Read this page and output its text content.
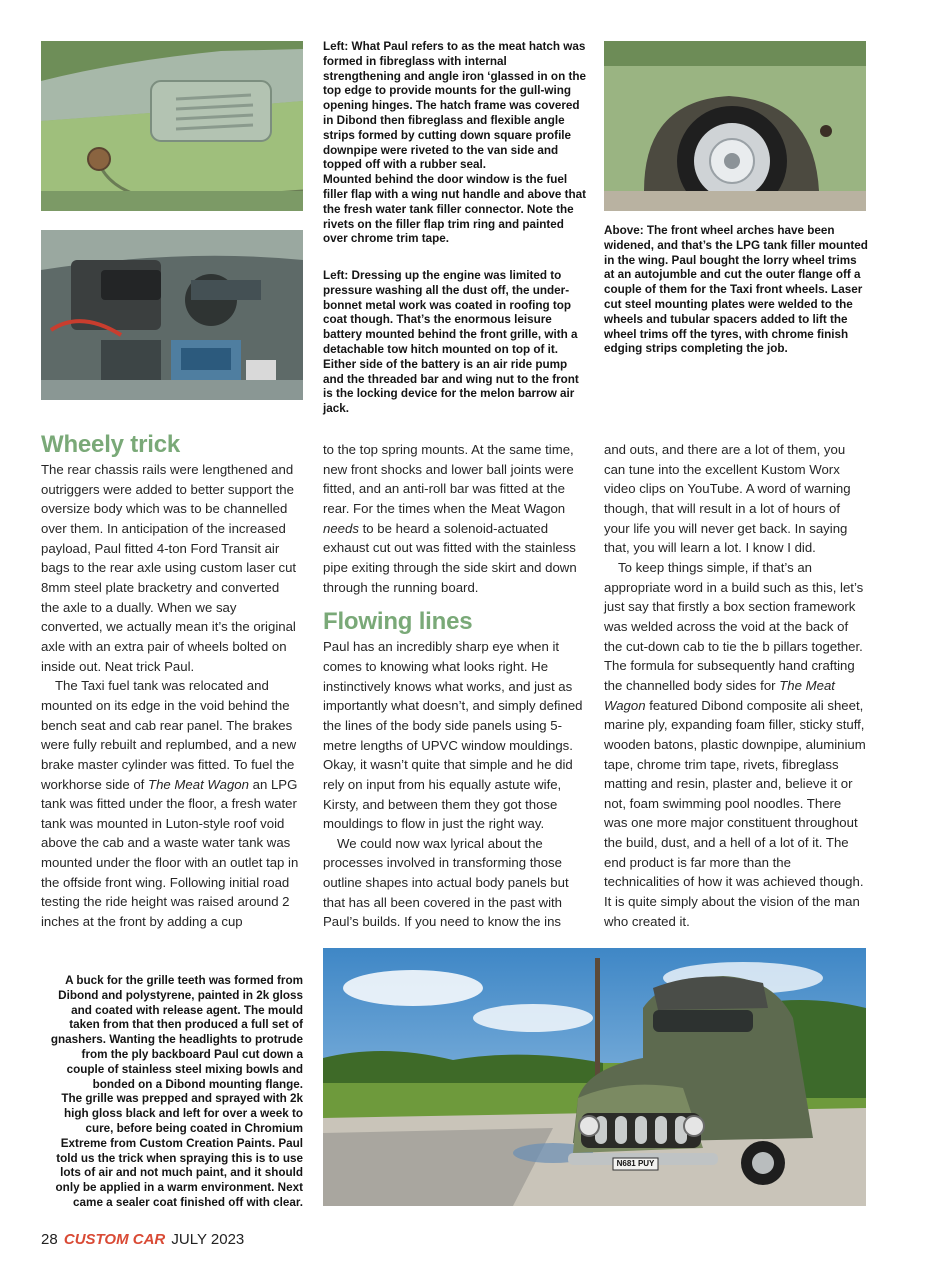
Left: What Paul refers to as the meat hatch was formed in fibreglass with internal strengthening and angle iron ‘glassed in on the top edge to provide mounts for the gull-wing opening hinges. The hatch frame was covered in Dibond then fibreglass and flexible angle strips formed by cutting down square profile downpipe were riveted to the van side and topped off with a rubber seal.

Mounted behind the door window is the fuel filler flap with a wing nut handle and above that the fresh water tank filler connector. Note the rivets on the filler flap trim ring and painted over chrome trim tape.

Left: Dressing up the engine was limited to pressure washing all the dust off, the under-bonnet metal work was coated in roofing top coat though. That’s the enormous leisure battery mounted behind the front grille, with a detachable tow hitch mounted on top of it. Either side of the battery is an air ride pump and the threaded bar and wing nut to the front is the locking device for the melon barrow air jack.

Above: The front wheel arches have been widened, and that’s the LPG tank filler mounted in the wing. Paul bought the lorry wheel trims at an autojumble and cut the outer flange off a couple of them for the Taxi front wheels. Laser cut steel mounting plates were welded to the wheels and tubular spacers added to lift the wheel trims off the tyres, with chrome finish edging strips completing the job.

Wheely trick

The rear chassis rails were lengthened and outriggers were added to better support the oversize body which was to be channelled over them. In anticipation of the increased payload, Paul fitted 4-ton Ford Transit air bags to the rear axle using custom laser cut 8mm steel plate bracketry and converted the axle to a dually. When we say converted, we actually mean it’s the original axle with an extra pair of wheels bolted on inside out. Neat trick Paul.

The Taxi fuel tank was relocated and mounted on its edge in the void behind the bench seat and cab rear panel. The brakes were fully rebuilt and replumbed, and a new brake master cylinder was fitted. To fuel the workhorse side of The Meat Wagon an LPG tank was fitted under the floor, a fresh water tank was mounted in Luton-style roof void above the cab and a waste water tank was mounted under the floor with an outlet tap in the offside front wing. Following initial road testing the ride height was raised around 2 inches at the front by adding a cup

to the top spring mounts. At the same time, new front shocks and lower ball joints were fitted, and an anti-roll bar was fitted at the rear. For the times when the Meat Wagon needs to be heard a solenoid-actuated exhaust cut out was fitted with the stainless pipe exiting through the side skirt and down through the running board.

Flowing lines

Paul has an incredibly sharp eye when it comes to knowing what looks right. He instinctively knows what works, and just as importantly what doesn’t, and simply defined the lines of the body side panels using 5-metre lengths of UPVC window mouldings. Okay, it wasn’t quite that simple and he did rely on input from his equally astute wife, Kirsty, and between them they got those mouldings to flow in just the right way.

We could now wax lyrical about the processes involved in transforming those outline shapes into actual body panels but that has all been covered in the past with Paul’s builds. If you need to know the ins

and outs, and there are a lot of them, you can tune into the excellent Kustom Worx video clips on YouTube. A word of warning though, that will result in a lot of hours of your life you will never get back. In saying that, you will learn a lot. I know I did.

To keep things simple, if that’s an appropriate word in a build such as this, let’s just say that firstly a box section framework was welded across the void at the back of the cut-down cab to tie the b pillars together. The formula for subsequently hand crafting the channelled body sides for The Meat Wagon featured Dibond composite ali sheet, marine ply, expanding foam filler, sticky stuff, wooden batons, plastic downpipe, aluminium tape, chrome trim tape, rivets, fibreglass matting and resin, plaster and, believe it or not, foam swimming pool noodles. There was one more major constituent throughout the build, dust, and a hell of a lot of it. The end product is far more than the technicalities of how it was achieved though. It is quite simply about the vision of the man who created it.

A buck for the grille teeth was formed from Dibond and polystyrene, painted in 2k gloss and coated with release agent. The mould taken from that then produced a full set of gnashers. Wanting the headlights to protrude from the ply backboard Paul cut down a couple of stainless steel mixing bowls and bonded on a Dibond mounting flange.

The grille was prepped and sprayed with 2k high gloss black and left for over a week to cure, before being coated in Chromium Extreme from Custom Creation Paints. Paul told us the trick when spraying this is to use lots of air and not much paint, and it should only be applied in a warm environment. Next came a sealer coat finished off with clear.

N681 PUY
28 CUSTOM CAR JULY 2023
